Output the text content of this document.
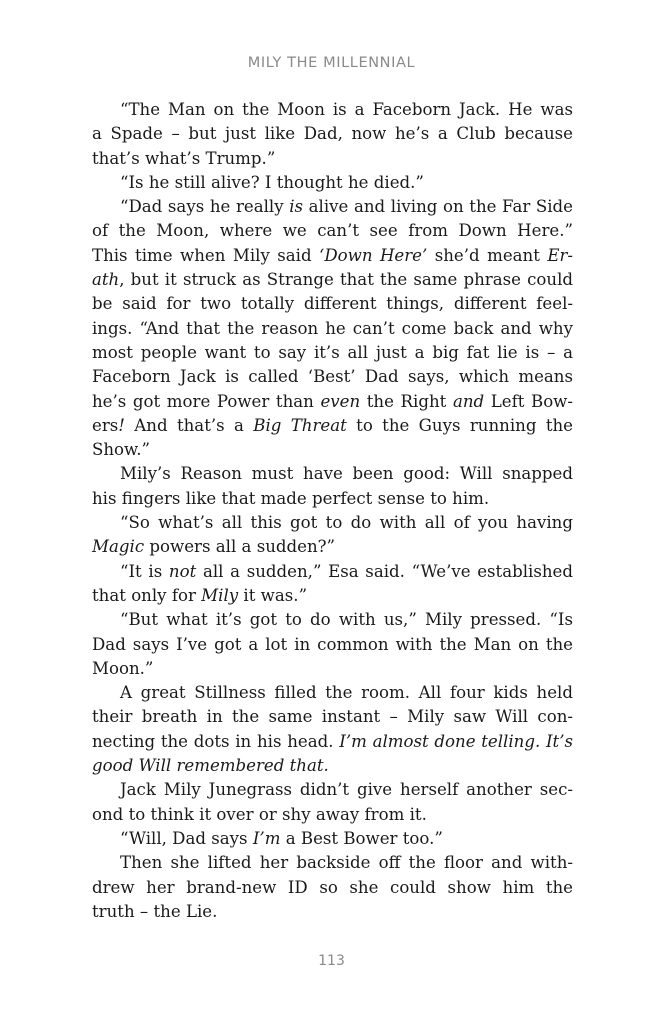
MILY THE MILLENNIAL
“The Man on the Moon is a Faceborn Jack. He was
a Spade – but just like Dad, now he’s a Club because
that’s what’s Trump.”
“Is he still alive? I thought he died.”
“Dad says he really is alive and living on the Far Side
of the Moon, where we can’t see from Down Here.”
This time when Mily said ‘Down Here’ she’d meant Er-
ath, but it struck as Strange that the same phrase could
be said for two totally different things, different feel-
ings. “And that the reason he can’t come back and why
most people want to say it’s all just a big fat lie is – a
Faceborn Jack is called ‘Best’ Dad says, which means
he’s got more Power than even the Right and Left Bow-
ers! And that’s a Big Threat to the Guys running the
Show.”
Mily’s Reason must have been good: Will snapped
his fingers like that made perfect sense to him.
“So what’s all this got to do with all of you having
Magic powers all a sudden?”
“It is not all a sudden,” Esa said. “We’ve established
that only for Mily it was.”
“But what it’s got to do with us,” Mily pressed. “Is
Dad says I’ve got a lot in common with the Man on the
Moon.”
A great Stillness filled the room. All four kids held
their breath in the same instant – Mily saw Will con-
necting the dots in his head. I’m almost done telling. It’s
good Will remembered that.
Jack Mily Junegrass didn’t give herself another sec-
ond to think it over or shy away from it.
“Will, Dad says I’m a Best Bower too.”
Then she lifted her backside off the floor and with-
drew her brand-new ID so she could show him the
truth – the Lie.
113
